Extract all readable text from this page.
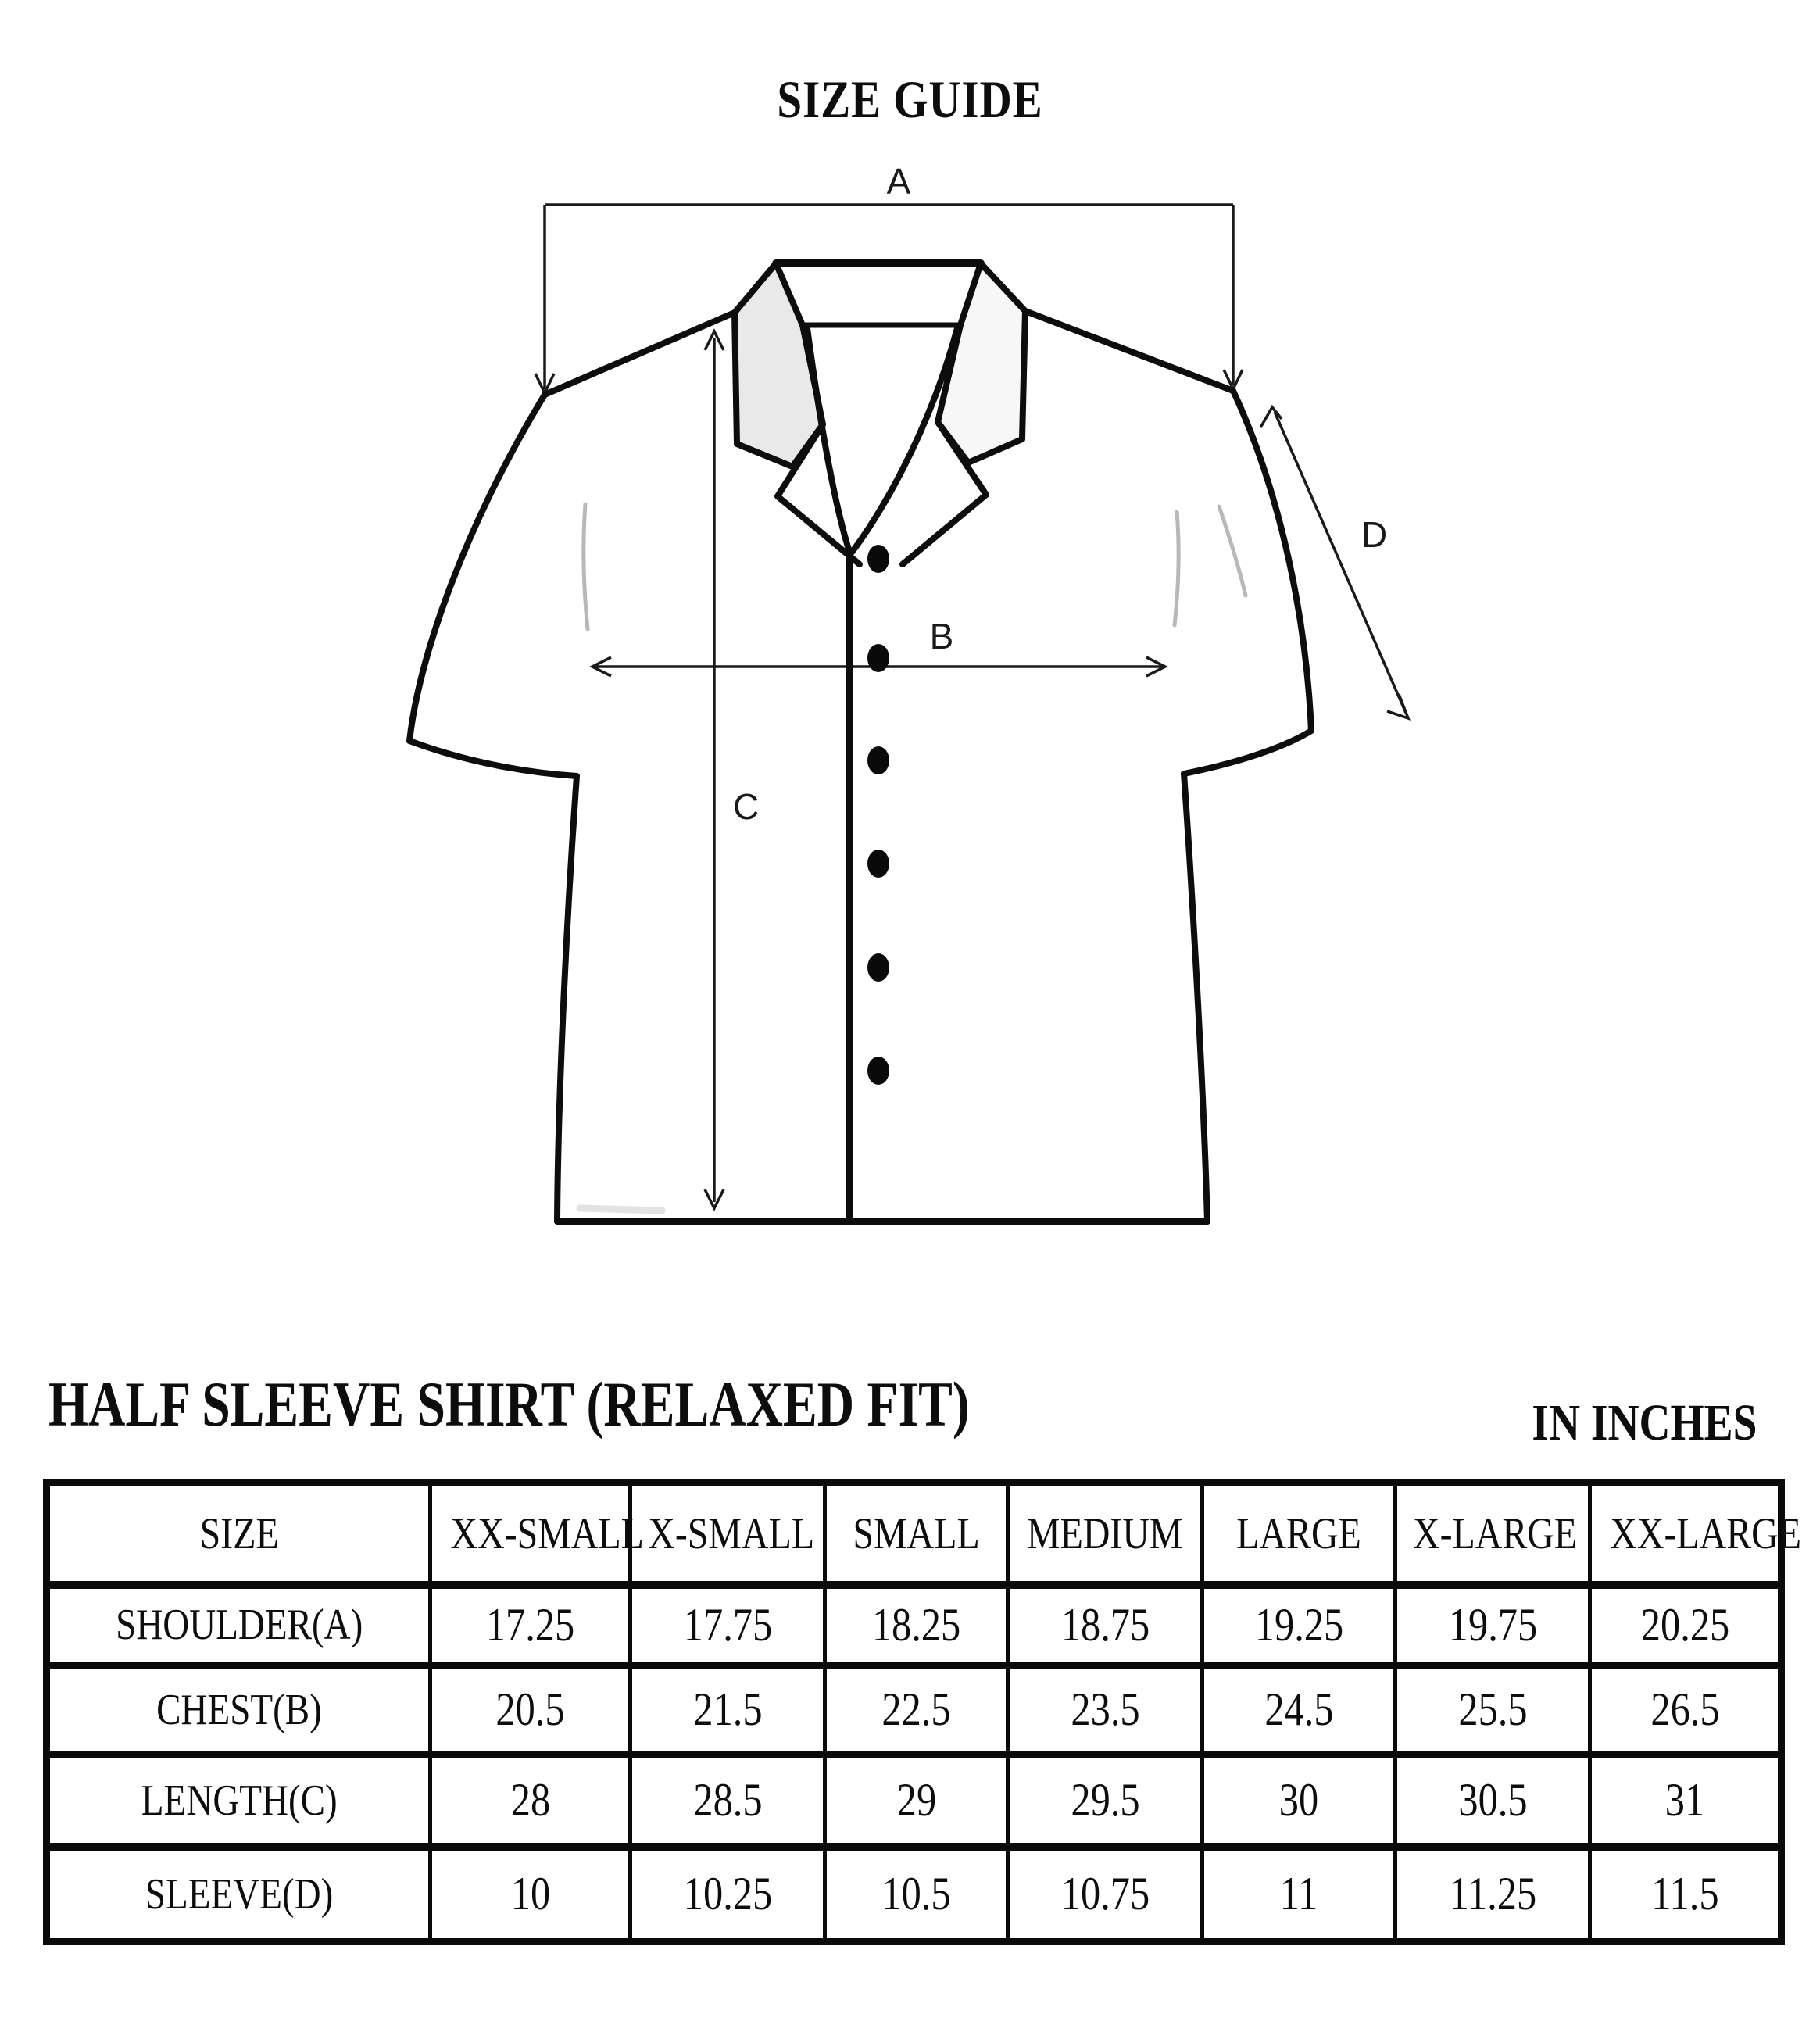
SIZE GUIDE
A
C
B
D
HALF SLEEVE SHIRT (RELAXED FIT)	IN INCHES
SIZE	XX-SMALL	X-SMALL	SMALL	MEDIUM	LARGE	X-LARGE	XX-LARGE
SHOULDER(A)	17.25	17.75	18.25	18.75	19.25	19.75	20.25
CHEST(B)	20.5	21.5	22.5	23.5	24.5	25.5	26.5
LENGTH(C)	28	28.5	29	29.5	30	30.5	31
SLEEVE(D)	10	10.25	10.5	10.75	11	11.25	11.5
